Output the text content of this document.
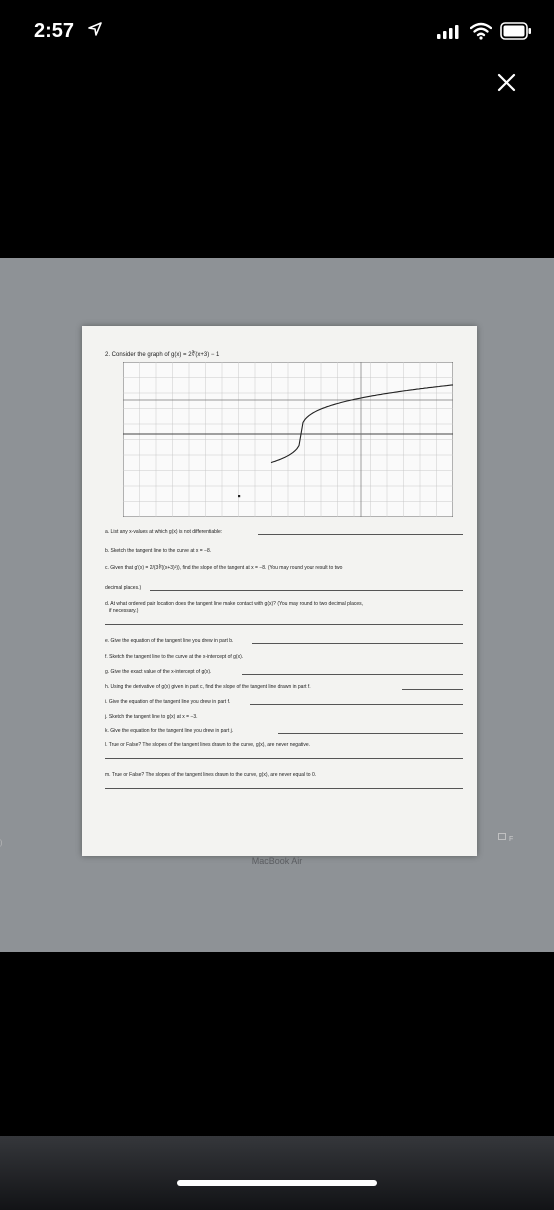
2:57
)
F
2. Consider the graph of g(x) = 2∛(x+3) − 1
a. List any x-values at which g(x) is not differentiable:
b. Sketch the tangent line to the curve at x = −8.
c. Given that g′(x) = 2/(3∛((x+3)²)), find the slope of the tangent at x = −8. (You may round your result to two
decimal places.)
d. At what ordered pair location does the tangent line make contact with g(x)? (You may round to two decimal places,
if necessary.)
e. Give the equation of the tangent line you drew in part b.
f. Sketch the tangent line to the curve at the x-intercept of g(x).
g. Give the exact value of the x-intercept of g(x).
h. Using the derivative of g(x) given in part c, find the slope of the tangent line drawn in part f.
i. Give the equation of the tangent line you drew in part f.
j. Sketch the tangent line to g(x) at x = −3.
k. Give the equation for the tangent line you drew in part j.
l. True or False? The slopes of the tangent lines drawn to the curve, g(x), are never negative.
m. True or False? The slopes of the tangent lines drawn to the curve, g(x), are never equal to 0.
MacBook Air
